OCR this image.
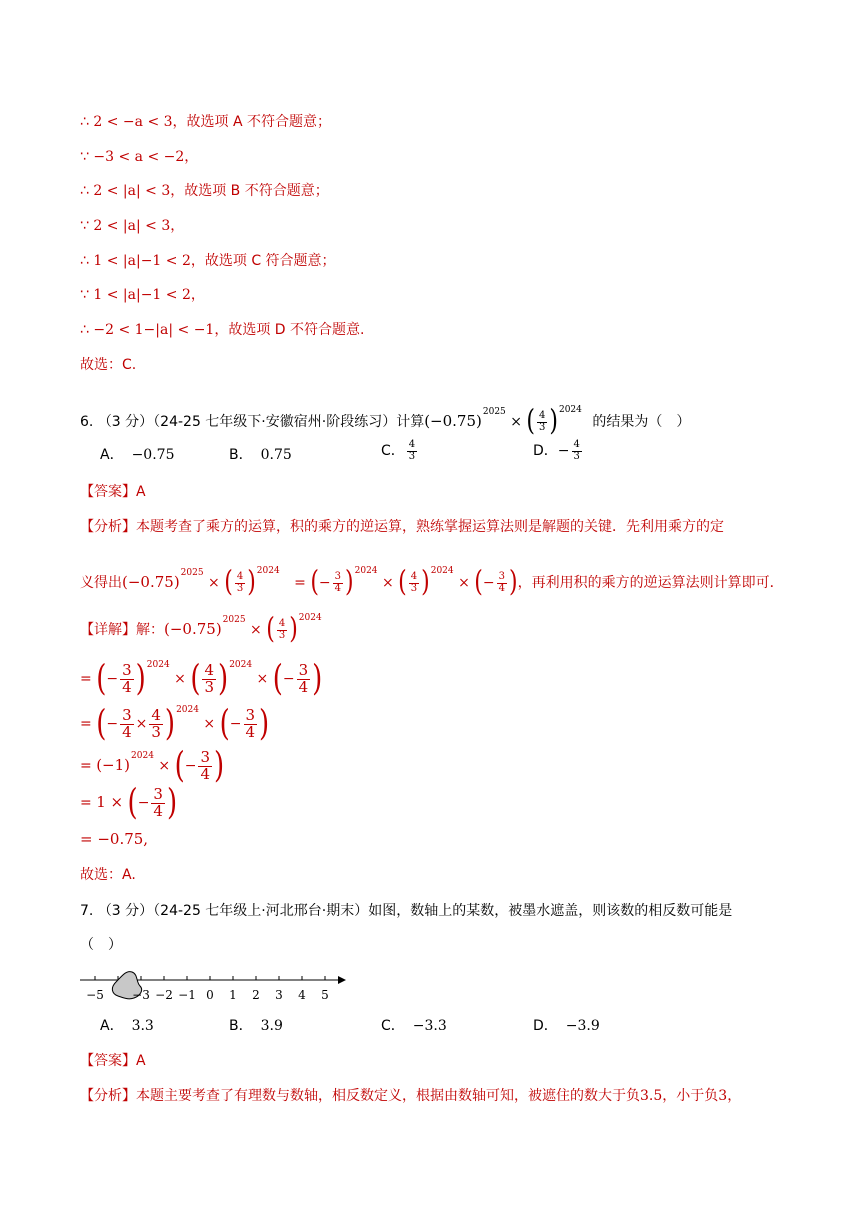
∴ 2 < −a < 3，故选项 A 不符合题意；
∵ −3 < a < −2，
∴ 2 < |a| < 3，故选项 B 不符合题意；
∵ 2 < |a| < 3，
∴ 1 < |a|−1 < 2，故选项 C 符合题意；
∵ 1 < |a|−1 < 2，
∴ −2 < 1−|a| < −1，故选项 D 不符合题意.
故选：C.
6. （3 分）（24-25 七年级下·安徽宿州·阶段练习）计算$(-0.75)^{2025}$ × ( $\frac{4}{3} )^{2024}$ 的结果为（　）
A． −0.75	B． 0.75	C． $\frac{4}{3}$	D．− $\frac{4}{3}$
【答案】A
【分析】本题考查了乘方的运算，积的乘方的逆运算，熟练掌握运算法则是解题的关键．先利用乘方的定
义得出$(-0.75)^{2025}$ × ( $\frac{4}{3} )^{2024}$ = (− $\frac{3}{4} )^{2024}$ × ( $\frac{4}{3} )^{2024}$ × (− $\frac{3}{4}$ )，再利用积的乘方的逆运算法则计算即可．
【详解】解：$(-0.75)^{2025}$ × ( $\frac{4}{3} )^{2024}$
= (− $\frac{3}{4} )^{2024}$ × ( $\frac{4}{3} )^{2024}$ × (− $\frac{3}{4}$ )
= (− $\frac{3}{4} \times \frac{4}{3} )^{2024}$ × (− $\frac{3}{4}$ )
= $(-1)^{2024}$ × (− $\frac{3}{4}$ )
= 1 × (− $\frac{3}{4}$ )
= −0.75,
故选：A.
7. （3 分）（24-25 七年级上·河北邢台·期末）如图，数轴上的某数，被墨水遮盖，则该数的相反数可能是
（　）
−5 −3 −2 −1 0 1 2 3 4 5
A． 3.3	B． 3.9	C． −3.3	D． −3.9
【答案】A
【分析】本题主要考查了有理数与数轴，相反数定义，根据由数轴可知，被遮住的数大于负3.5，小于负3，
